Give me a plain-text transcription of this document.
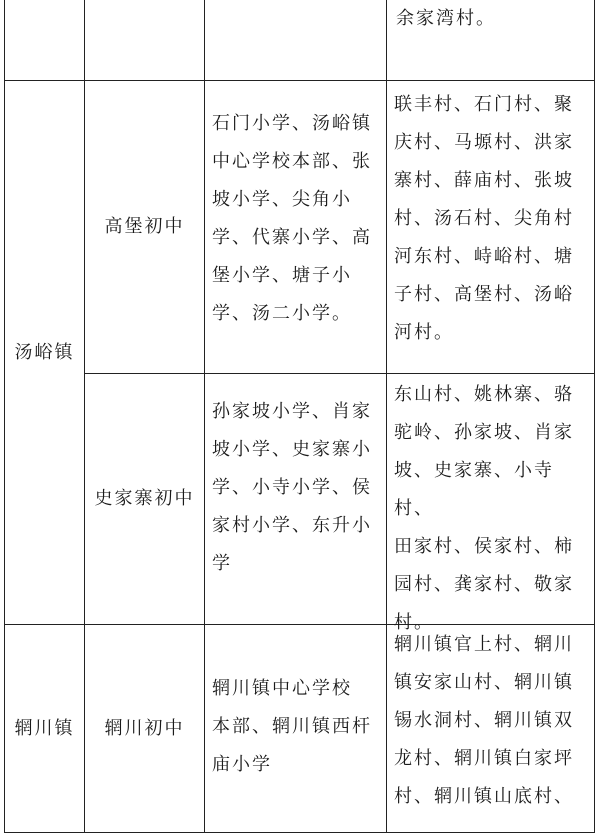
余家湾村。
汤峪镇
高堡初中
石门小学、汤峪镇
中心学校本部、张
坡小学、尖角小
学、代寨小学、高
堡小学、塘子小
学、汤二小学。
联丰村、石门村、聚
庆村、马塬村、洪家
寨村、薛庙村、张坡
村、汤石村、尖角村
河东村、峙峪村、塘
子村、高堡村、汤峪
河村。
史家寨初中
孙家坡小学、肖家
坡小学、史家寨小
学、小寺小学、侯
家村小学、东升小
学
东山村、姚林寨、骆
驼岭、孙家坡、肖家
坡、史家寨、小寺村、
田家村、侯家村、柿
园村、龚家村、敬家
村。
辋川镇	辋川初中
辋川镇中心学校
本部、辋川镇西杆
庙小学
辋川镇官上村、辋川
镇安家山村、辋川镇
锡水洞村、辋川镇双
龙村、辋川镇白家坪
村、辋川镇山底村、
